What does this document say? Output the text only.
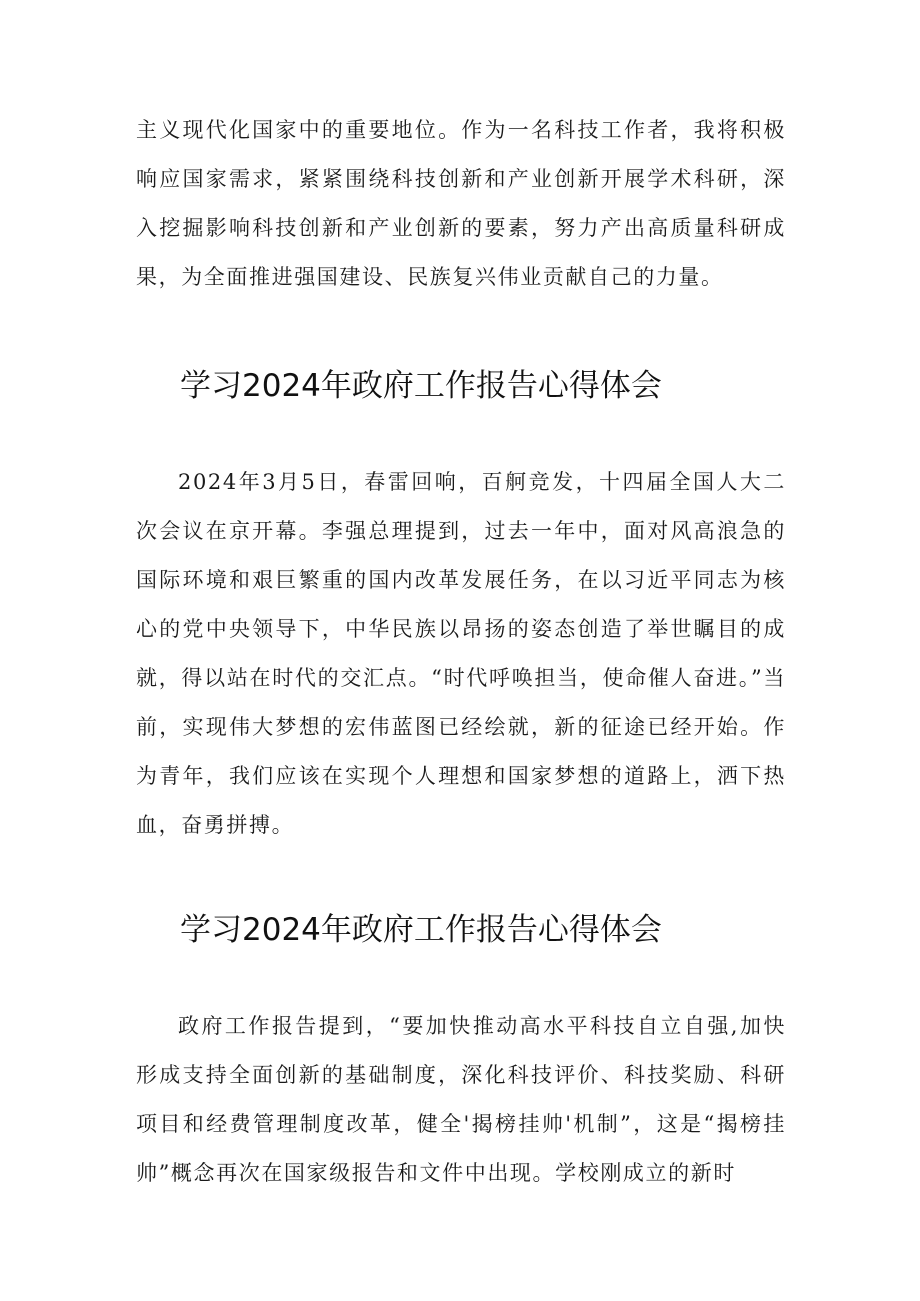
主义现代化国家中的重要地位。作为一名科技工作者，我将积极响应国家需求，紧紧围绕科技创新和产业创新开展学术科研，深入挖掘影响科技创新和产业创新的要素，努力产出高质量科研成果，为全面推进强国建设、民族复兴伟业贡献自己的力量。

学习2024年政府工作报告心得体会

2024年3月5日，春雷回响，百舸竞发，十四届全国人大二次会议在京开幕。李强总理提到，过去一年中，面对风高浪急的国际环境和艰巨繁重的国内改革发展任务，在以习近平同志为核心的党中央领导下，中华民族以昂扬的姿态创造了举世瞩目的成就，得以站在时代的交汇点。“时代呼唤担当，使命催人奋进。”当前，实现伟大梦想的宏伟蓝图已经绘就，新的征途已经开始。作为青年，我们应该在实现个人理想和国家梦想的道路上，洒下热血，奋勇拼搏。

学习2024年政府工作报告心得体会

政府工作报告提到，“要加快推动高水平科技自立自强,加快形成支持全面创新的基础制度，深化科技评价、科技奖励、科研项目和经费管理制度改革，健全'揭榜挂帅'机制”，这是“揭榜挂帅”概念再次在国家级报告和文件中出现。学校刚成立的新时
